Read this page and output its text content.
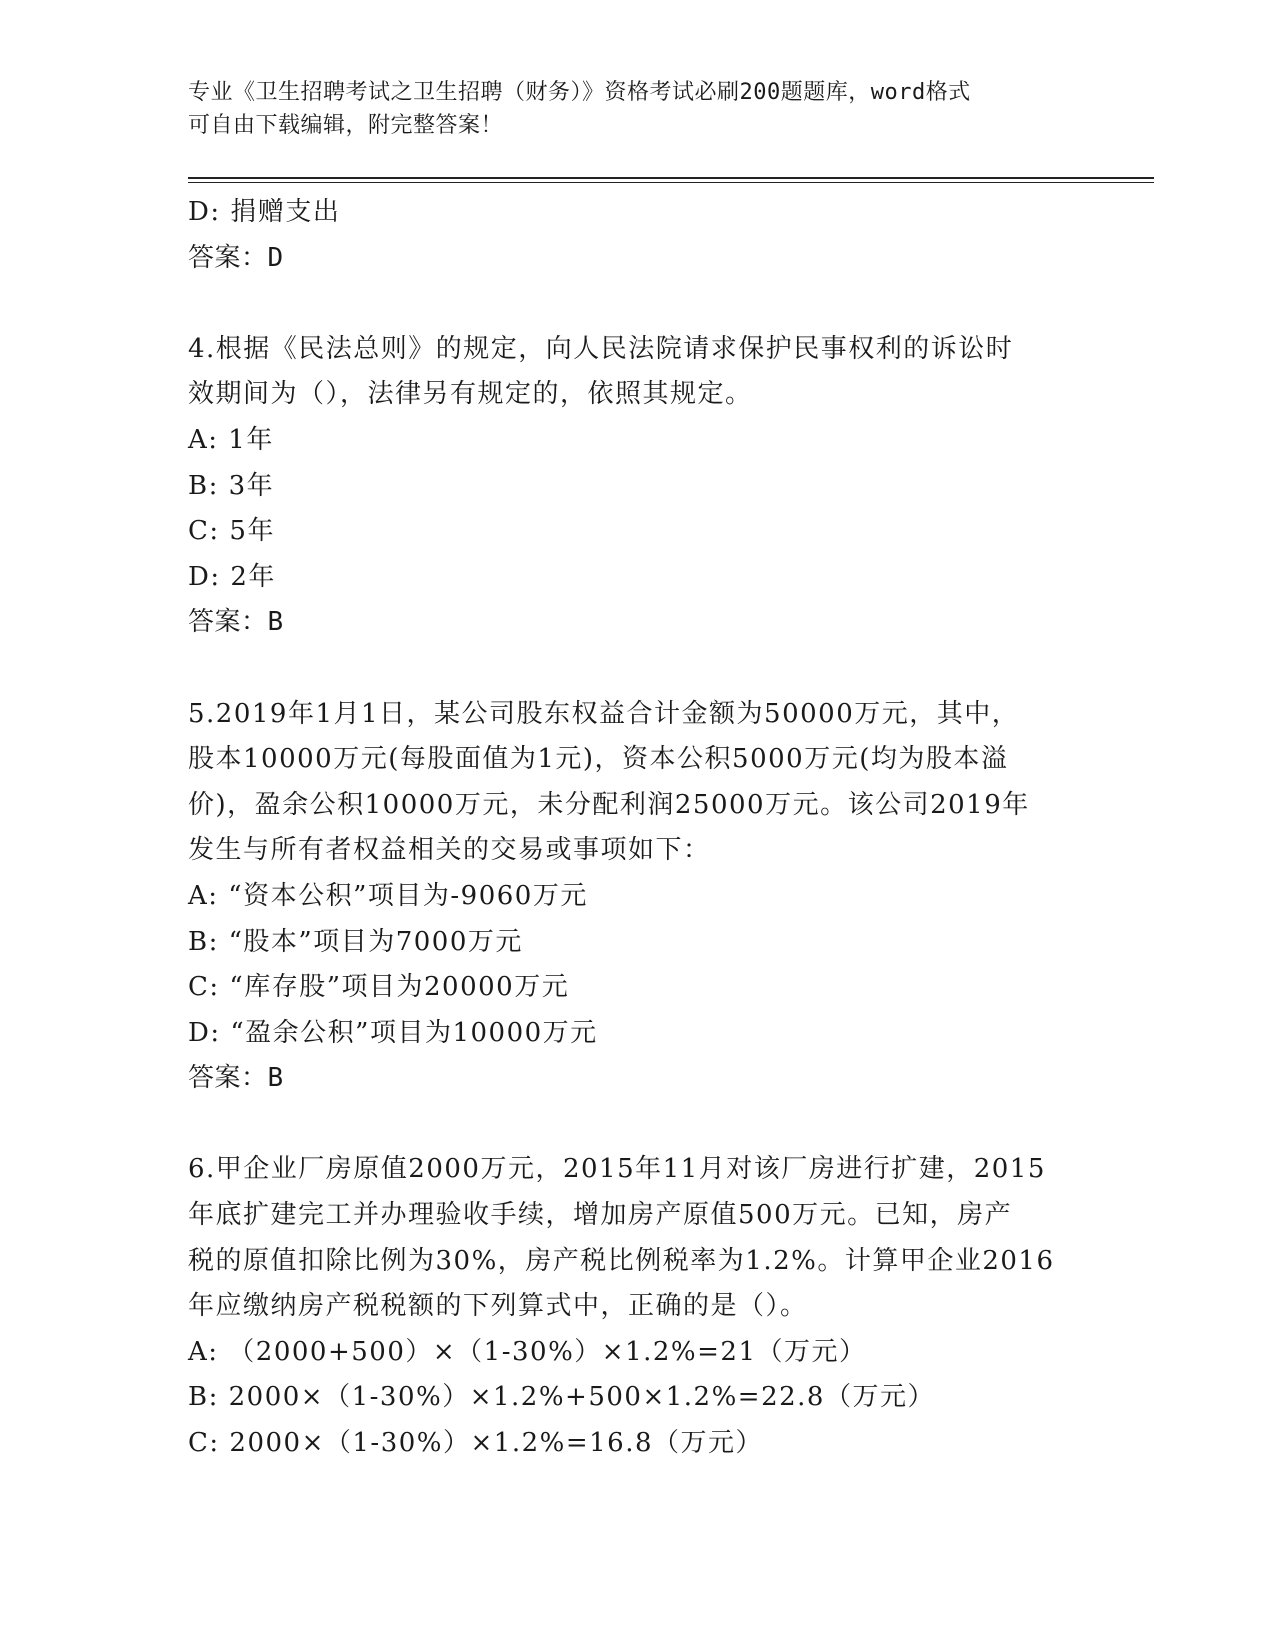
专业《卫生招聘考试之卫生招聘（财务）》资格考试必刷200题题库，word格式
可自由下载编辑，附完整答案！
D: 捐赠支出
答案：D
4.根据《民法总则》的规定，向人民法院请求保护民事权利的诉讼时
效期间为（），法律另有规定的，依照其规定。
A: 1年
B: 3年
C: 5年
D: 2年
答案：B
5.2019年1月1日，某公司股东权益合计金额为50000万元，其中，
股本10000万元(每股面值为1元)，资本公积5000万元(均为股本溢
价)，盈余公积10000万元，未分配利润25000万元。该公司2019年
发生与所有者权益相关的交易或事项如下：
A: “资本公积”项目为-9060万元
B: “股本”项目为7000万元
C: “库存股”项目为20000万元
D: “盈余公积”项目为10000万元
答案：B
6.甲企业厂房原值2000万元，2015年11月对该厂房进行扩建，2015
年底扩建完工并办理验收手续，增加房产原值500万元。已知，房产
税的原值扣除比例为30%，房产税比例税率为1.2%。计算甲企业2016
年应缴纳房产税税额的下列算式中，正确的是（）。
A: （2000+500）×（1-30%）×1.2%=21（万元）
B: 2000×（1-30%）×1.2%+500×1.2%=22.8（万元）
C: 2000×（1-30%）×1.2%=16.8（万元）
